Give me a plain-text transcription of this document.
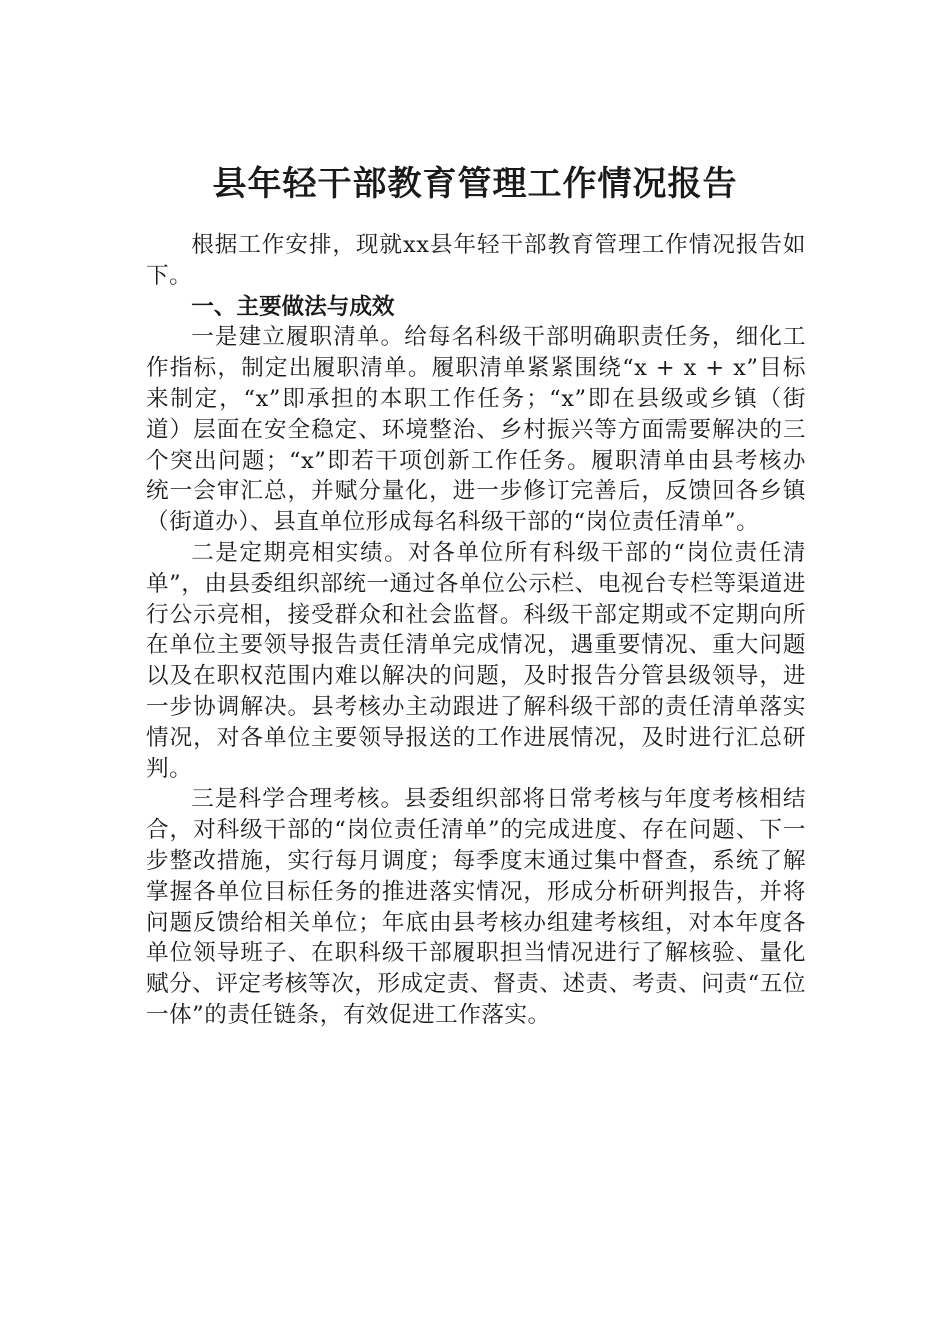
县年轻干部教育管理工作情况报告

根据工作安排，现就xx县年轻干部教育管理工作情况报告如下。

一、主要做法与成效

一是建立履职清单。给每名科级干部明确职责任务，细化工作指标，制定出履职清单。履职清单紧紧围绕“x + x + x”目标来制定，“x”即承担的本职工作任务；“x”即在县级或乡镇（街道）层面在安全稳定、环境整治、乡村振兴等方面需要解决的三个突出问题；“x”即若干项创新工作任务。履职清单由县考核办统一会审汇总，并赋分量化，进一步修订完善后，反馈回各乡镇（街道办）、县直单位形成每名科级干部的“岗位责任清单”。

二是定期亮相实绩。对各单位所有科级干部的“岗位责任清单”，由县委组织部统一通过各单位公示栏、电视台专栏等渠道进行公示亮相，接受群众和社会监督。科级干部定期或不定期向所在单位主要领导报告责任清单完成情况，遇重要情况、重大问题以及在职权范围内难以解决的问题，及时报告分管县级领导，进一步协调解决。县考核办主动跟进了解科级干部的责任清单落实情况，对各单位主要领导报送的工作进展情况，及时进行汇总研判。

三是科学合理考核。县委组织部将日常考核与年度考核相结合，对科级干部的“岗位责任清单”的完成进度、存在问题、下一步整改措施，实行每月调度；每季度末通过集中督查，系统了解掌握各单位目标任务的推进落实情况，形成分析研判报告，并将问题反馈给相关单位；年底由县考核办组建考核组，对本年度各单位领导班子、在职科级干部履职担当情况进行了解核验、量化赋分、评定考核等次，形成定责、督责、述责、考责、问责“五位一体”的责任链条，有效促进工作落实。
